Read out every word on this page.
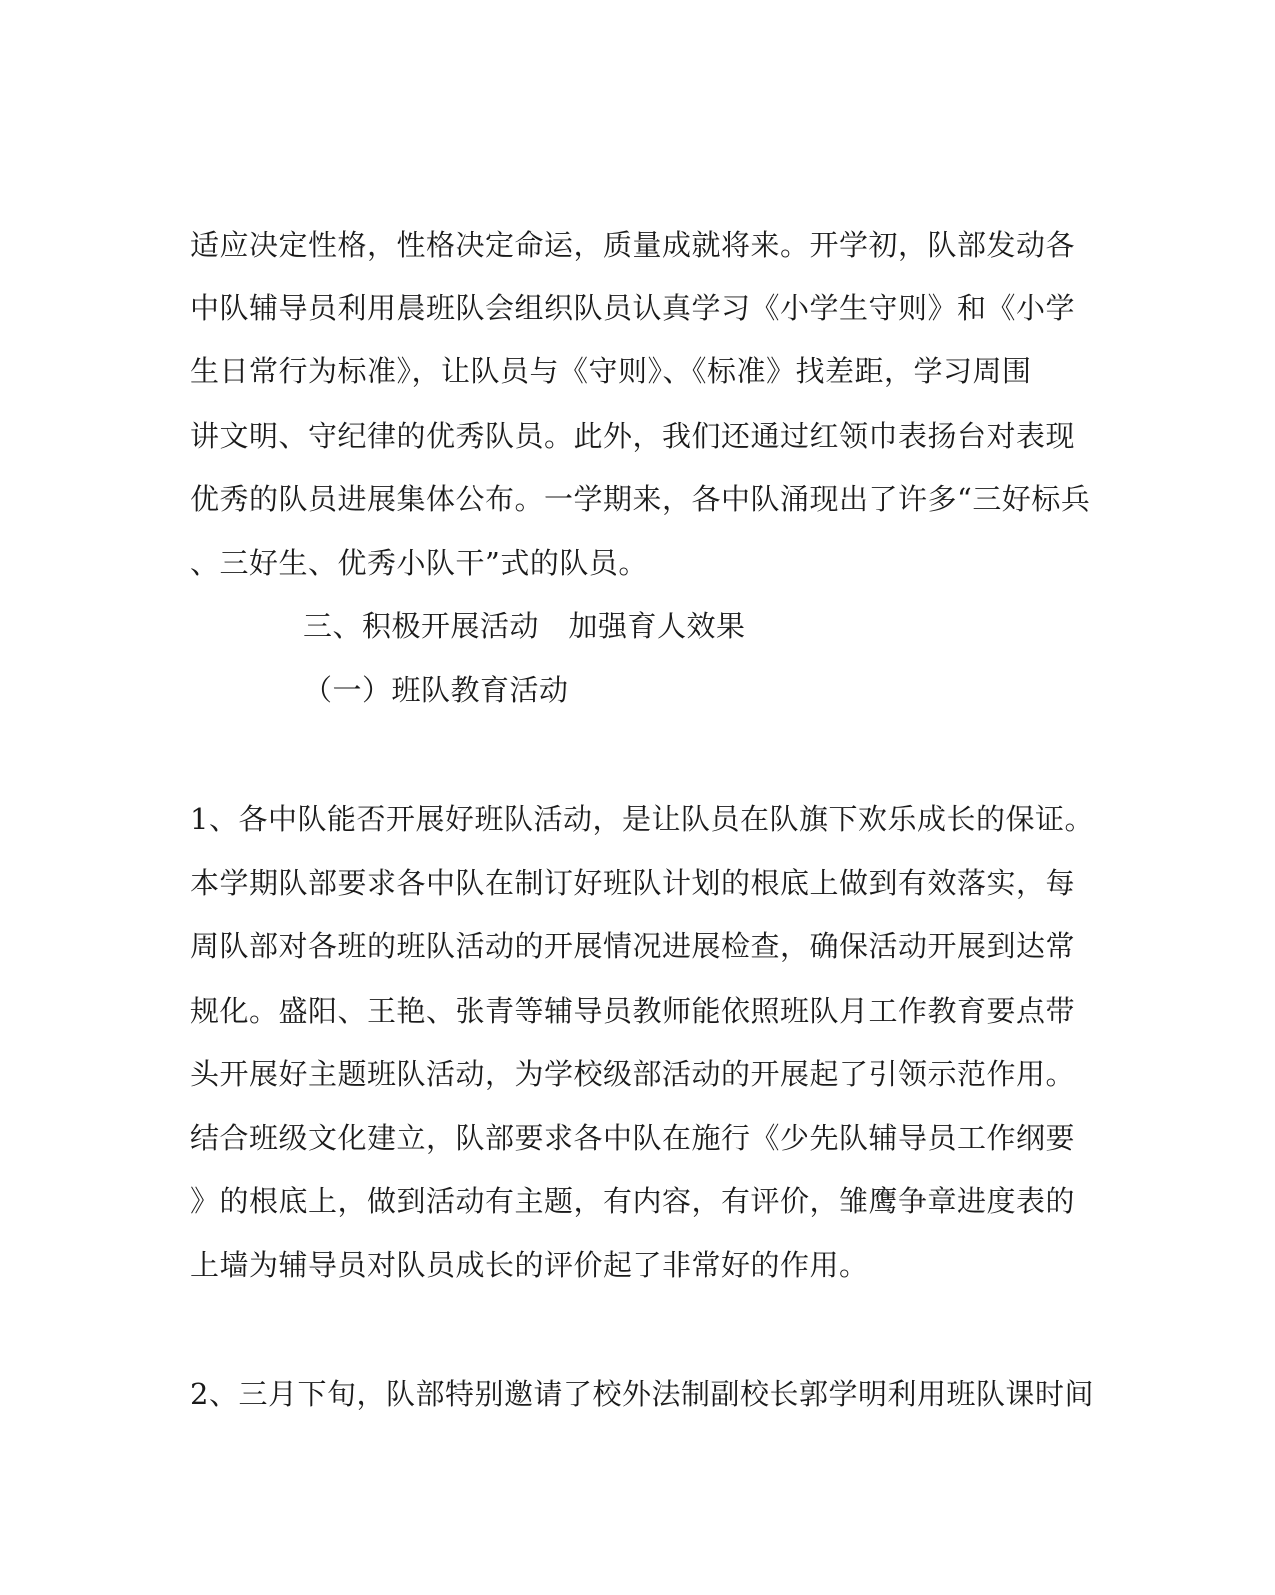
适应决定性格，性格决定命运，质量成就将来。开学初，队部发动各
中队辅导员利用晨班队会组织队员认真学习《小学生守则》和《小学
生日常行为标准》，让队员与《守则》、《标准》找差距，学习周围
讲文明、守纪律的优秀队员。此外，我们还通过红领巾表扬台对表现
优秀的队员进展集体公布。一学期来，各中队涌现出了许多“三好标兵
、三好生、优秀小队干”式的队员。
三、积极开展活动　加强育人效果
（一）班队教育活动
1、各中队能否开展好班队活动，是让队员在队旗下欢乐成长的保证。
本学期队部要求各中队在制订好班队计划的根底上做到有效落实，每
周队部对各班的班队活动的开展情况进展检查，确保活动开展到达常
规化。盛阳、王艳、张青等辅导员教师能依照班队月工作教育要点带
头开展好主题班队活动，为学校级部活动的开展起了引领示范作用。
结合班级文化建立，队部要求各中队在施行《少先队辅导员工作纲要
》的根底上，做到活动有主题，有内容，有评价，雏鹰争章进度表的
上墙为辅导员对队员成长的评价起了非常好的作用。
2、三月下旬，队部特别邀请了校外法制副校长郭学明利用班队课时间
